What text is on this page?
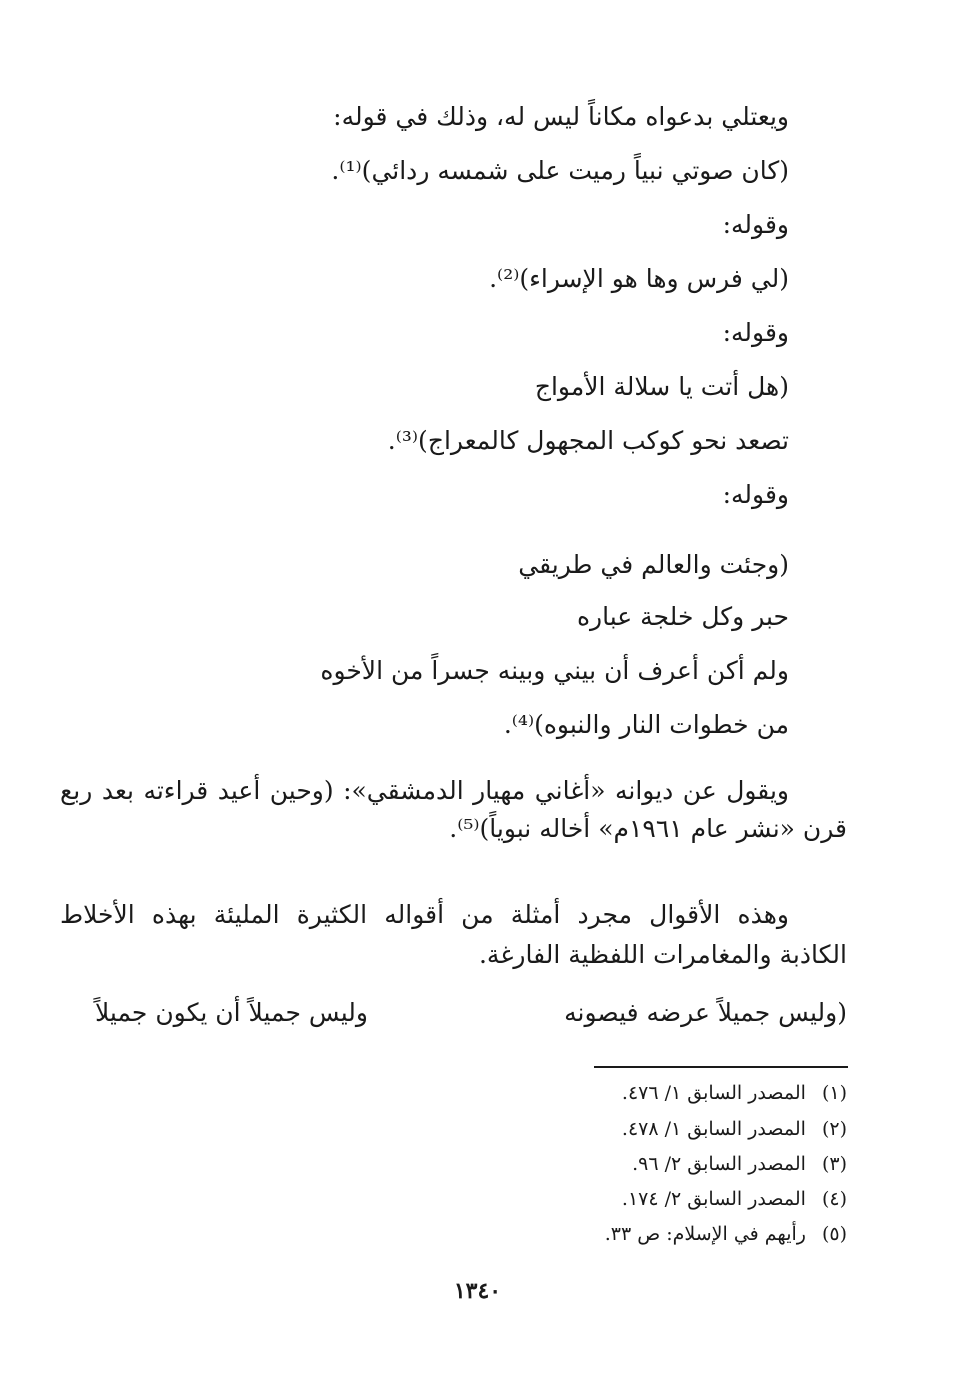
ويعتلي بدعواه مكاناً ليس له، وذلك في قوله:
(كان صوتي نبياً رميت على شمسه ردائي)⁽¹⁾.
وقوله:
(لي فرس وها هو الإسراء)⁽²⁾.
وقوله:
(هل أتت يا سلالة الأمواج
تصعد نحو كوكب المجهول كالمعراج)⁽³⁾.
وقوله:
(وجئت والعالم في طريقي
حبر وكل خلجة عباره
ولم أكن أعرف أن بيني وبينه جسراً من الأخوه
من خطوات النار والنبوه)⁽⁴⁾.
ويقول عن ديوانه «أغاني مهيار الدمشقي»: (وحين أعيد قراءته بعد ربع
قرن «نشر عام ١٩٦١م» أخاله نبوياً)⁽⁵⁾.
وهذه الأقوال مجرد أمثلة من أقواله الكثيرة المليئة بهذه الأخلاط
الكاذبة والمغامرات اللفظية الفارغة.
(وليس جميلاً عرضه فيصونه
وليس جميلاً أن يكون جميلاً
(١)المصدر السابق ١/ ٤٧٦.
(٢)المصدر السابق ١/ ٤٧٨.
(٣)المصدر السابق ٢/ ٩٦.
(٤)المصدر السابق ٢/ ١٧٤.
(٥)رأيهم في الإسلام: ص ٣٣.
١٣٤٠
